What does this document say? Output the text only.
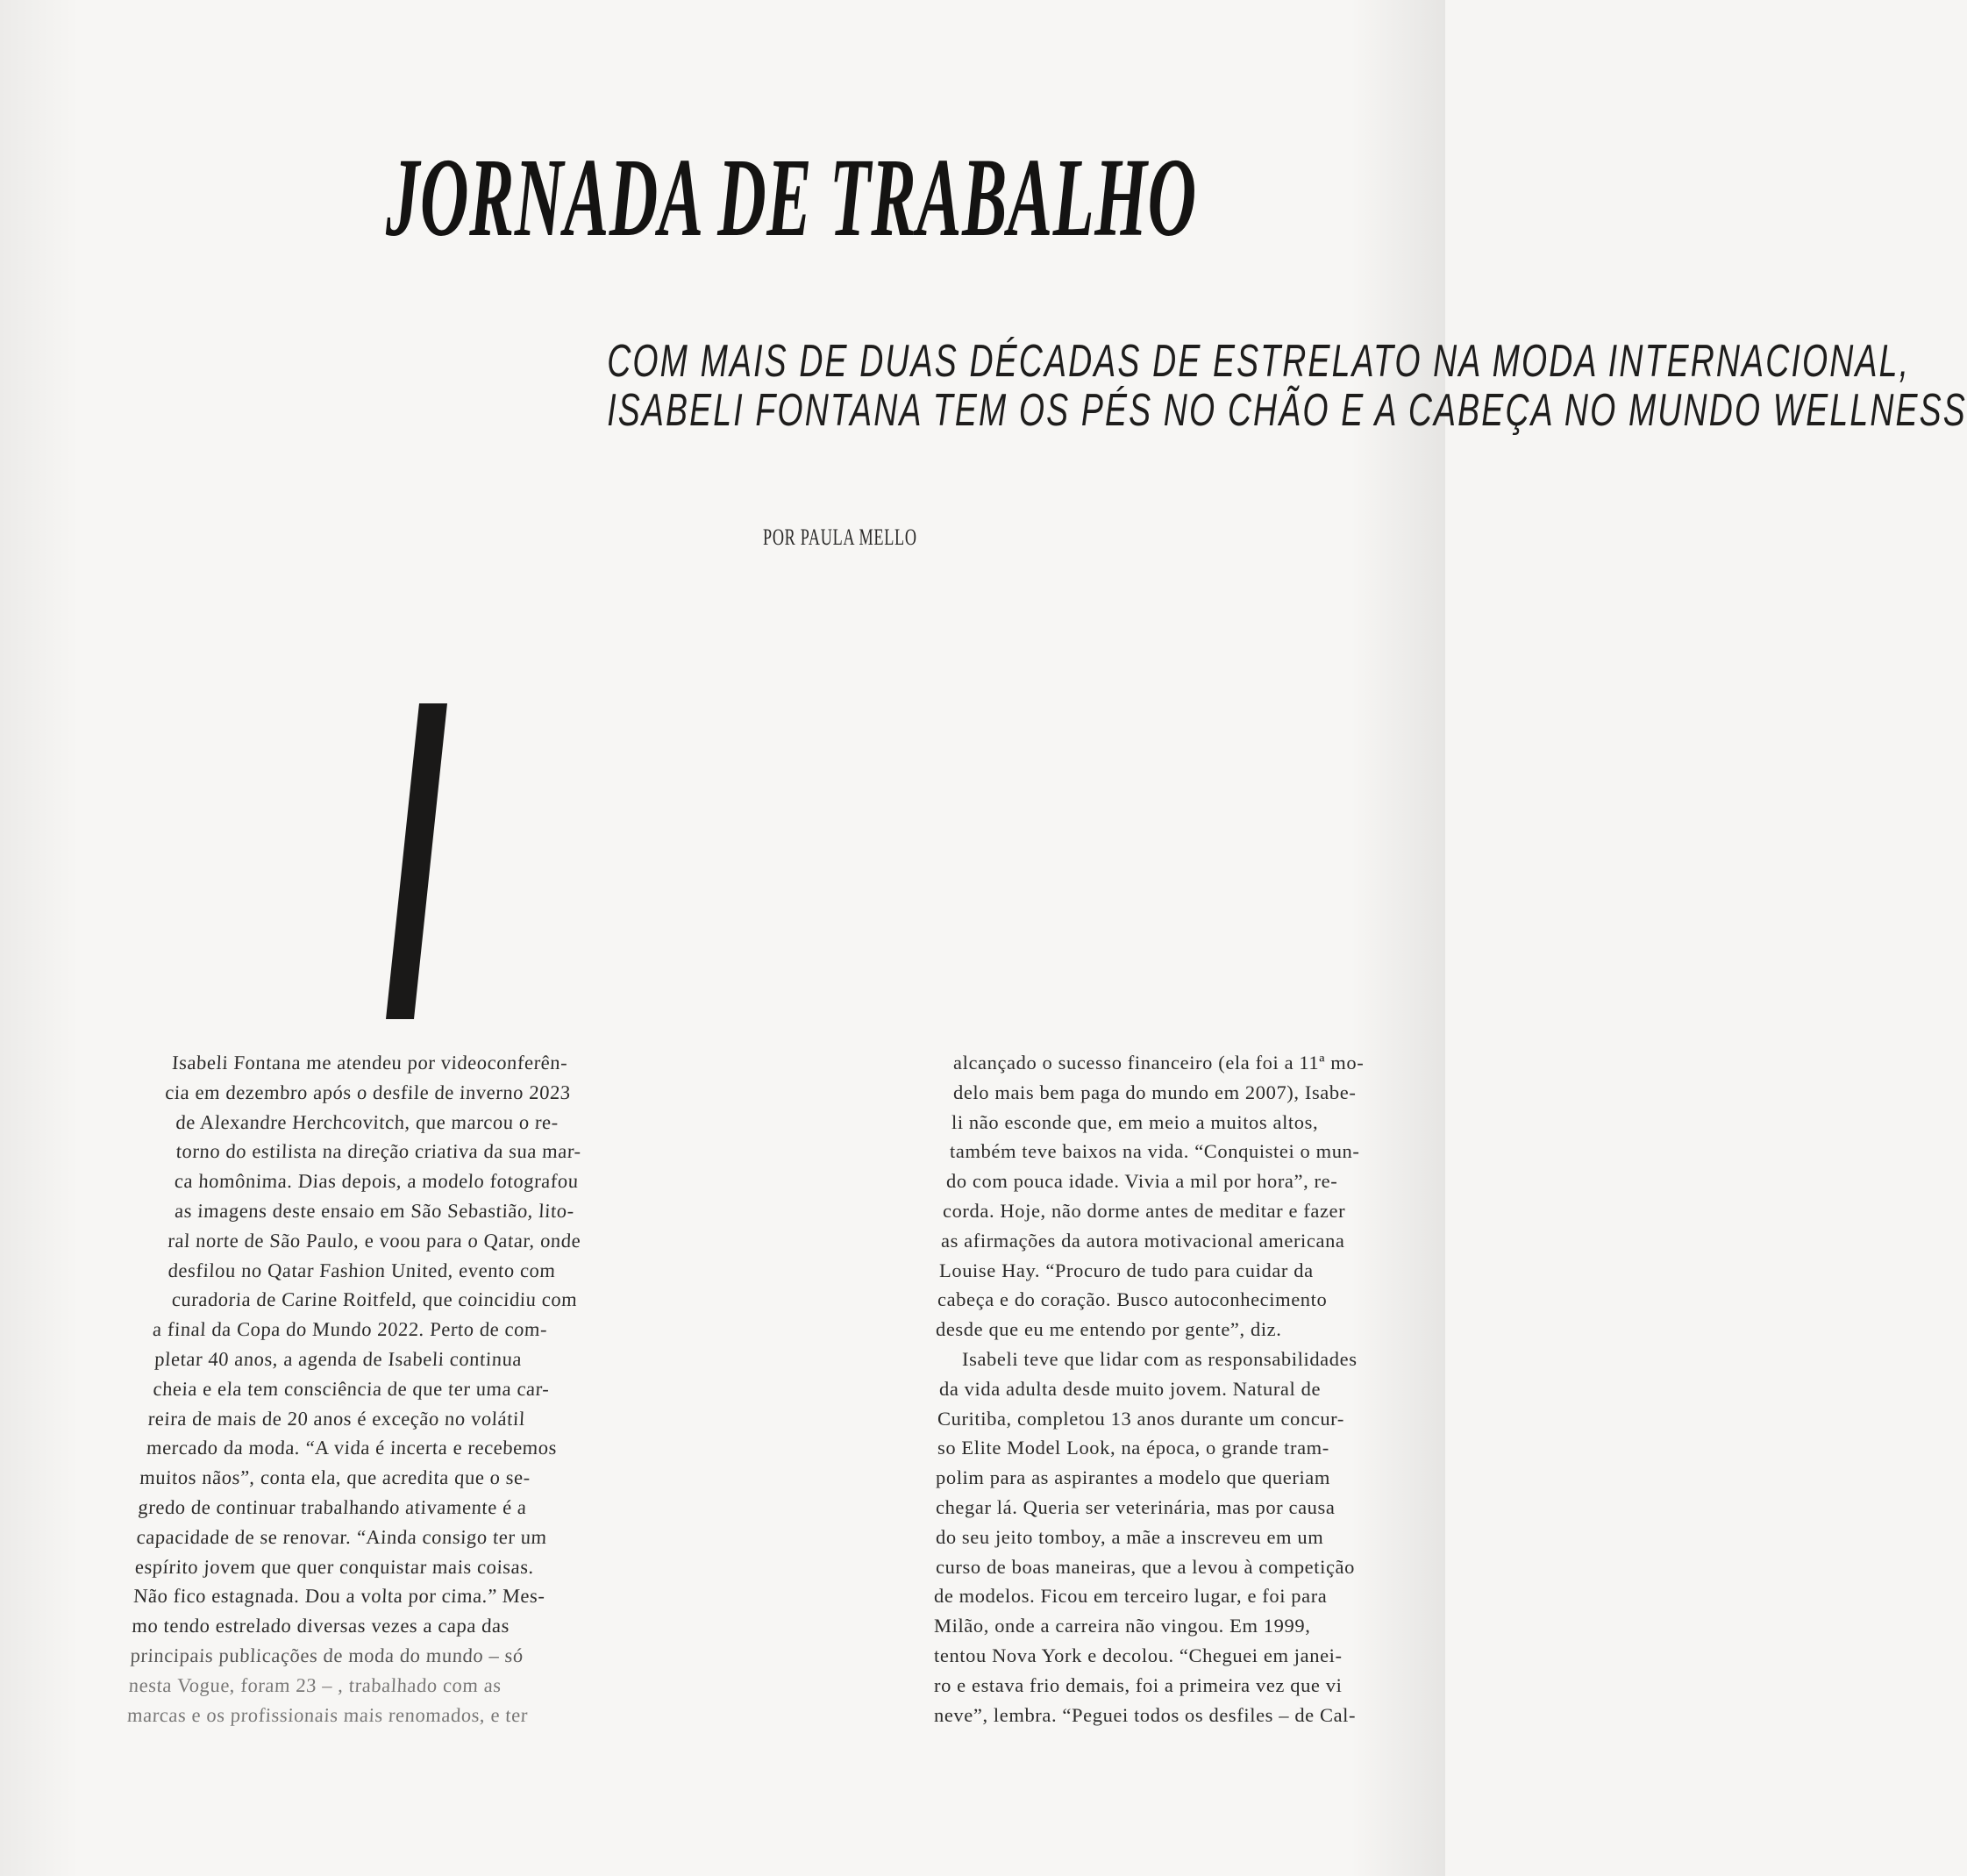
JORNADA DE TRABALHO
COM MAIS DE DUAS DÉCADAS DE ESTRELATO NA MODA INTERNACIONAL,
ISABELI FONTANA TEM OS PÉS NO CHÃO E A CABEÇA NO MUNDO WELLNESS
POR PAULA MELLO
Isabeli Fontana me atendeu por videoconferên-
cia em dezembro após o desfile de inverno 2023
de Alexandre Herchcovitch, que marcou o re-
torno do estilista na direção criativa da sua mar-
ca homônima. Dias depois, a modelo fotografou
as imagens deste ensaio em São Sebastião, lito-
ral norte de São Paulo, e voou para o Qatar, onde
desfilou no Qatar Fashion United, evento com
curadoria de Carine Roitfeld, que coincidiu com
a final da Copa do Mundo 2022. Perto de com-
pletar 40 anos, a agenda de Isabeli continua
cheia e ela tem consciência de que ter uma car-
reira de mais de 20 anos é exceção no volátil
mercado da moda. “A vida é incerta e recebemos
muitos nãos”, conta ela, que acredita que o se-
gredo de continuar trabalhando ativamente é a
capacidade de se renovar. “Ainda consigo ter um
espírito jovem que quer conquistar mais coisas.
Não fico estagnada. Dou a volta por cima.” Mes-
mo tendo estrelado diversas vezes a capa das
principais publicações de moda do mundo – só
nesta Vogue, foram 23 – , trabalhado com as
marcas e os profissionais mais renomados, e ter
alcançado o sucesso financeiro (ela foi a 11ª mo-
delo mais bem paga do mundo em 2007), Isabe-
li não esconde que, em meio a muitos altos,
também teve baixos na vida. “Conquistei o mun-
do com pouca idade. Vivia a mil por hora”, re-
corda. Hoje, não dorme antes de meditar e fazer
as afirmações da autora motivacional americana
Louise Hay. “Procuro de tudo para cuidar da
cabeça e do coração. Busco autoconhecimento
desde que eu me entendo por gente”, diz.
Isabeli teve que lidar com as responsabilidades
da vida adulta desde muito jovem. Natural de
Curitiba, completou 13 anos durante um concur-
so Elite Model Look, na época, o grande tram-
polim para as aspirantes a modelo que queriam
chegar lá. Queria ser veterinária, mas por causa
do seu jeito tomboy, a mãe a inscreveu em um
curso de boas maneiras, que a levou à competição
de modelos. Ficou em terceiro lugar, e foi para
Milão, onde a carreira não vingou. Em 1999,
tentou Nova York e decolou. “Cheguei em janei-
ro e estava frio demais, foi a primeira vez que vi
neve”, lembra. “Peguei todos os desfiles – de Cal-
